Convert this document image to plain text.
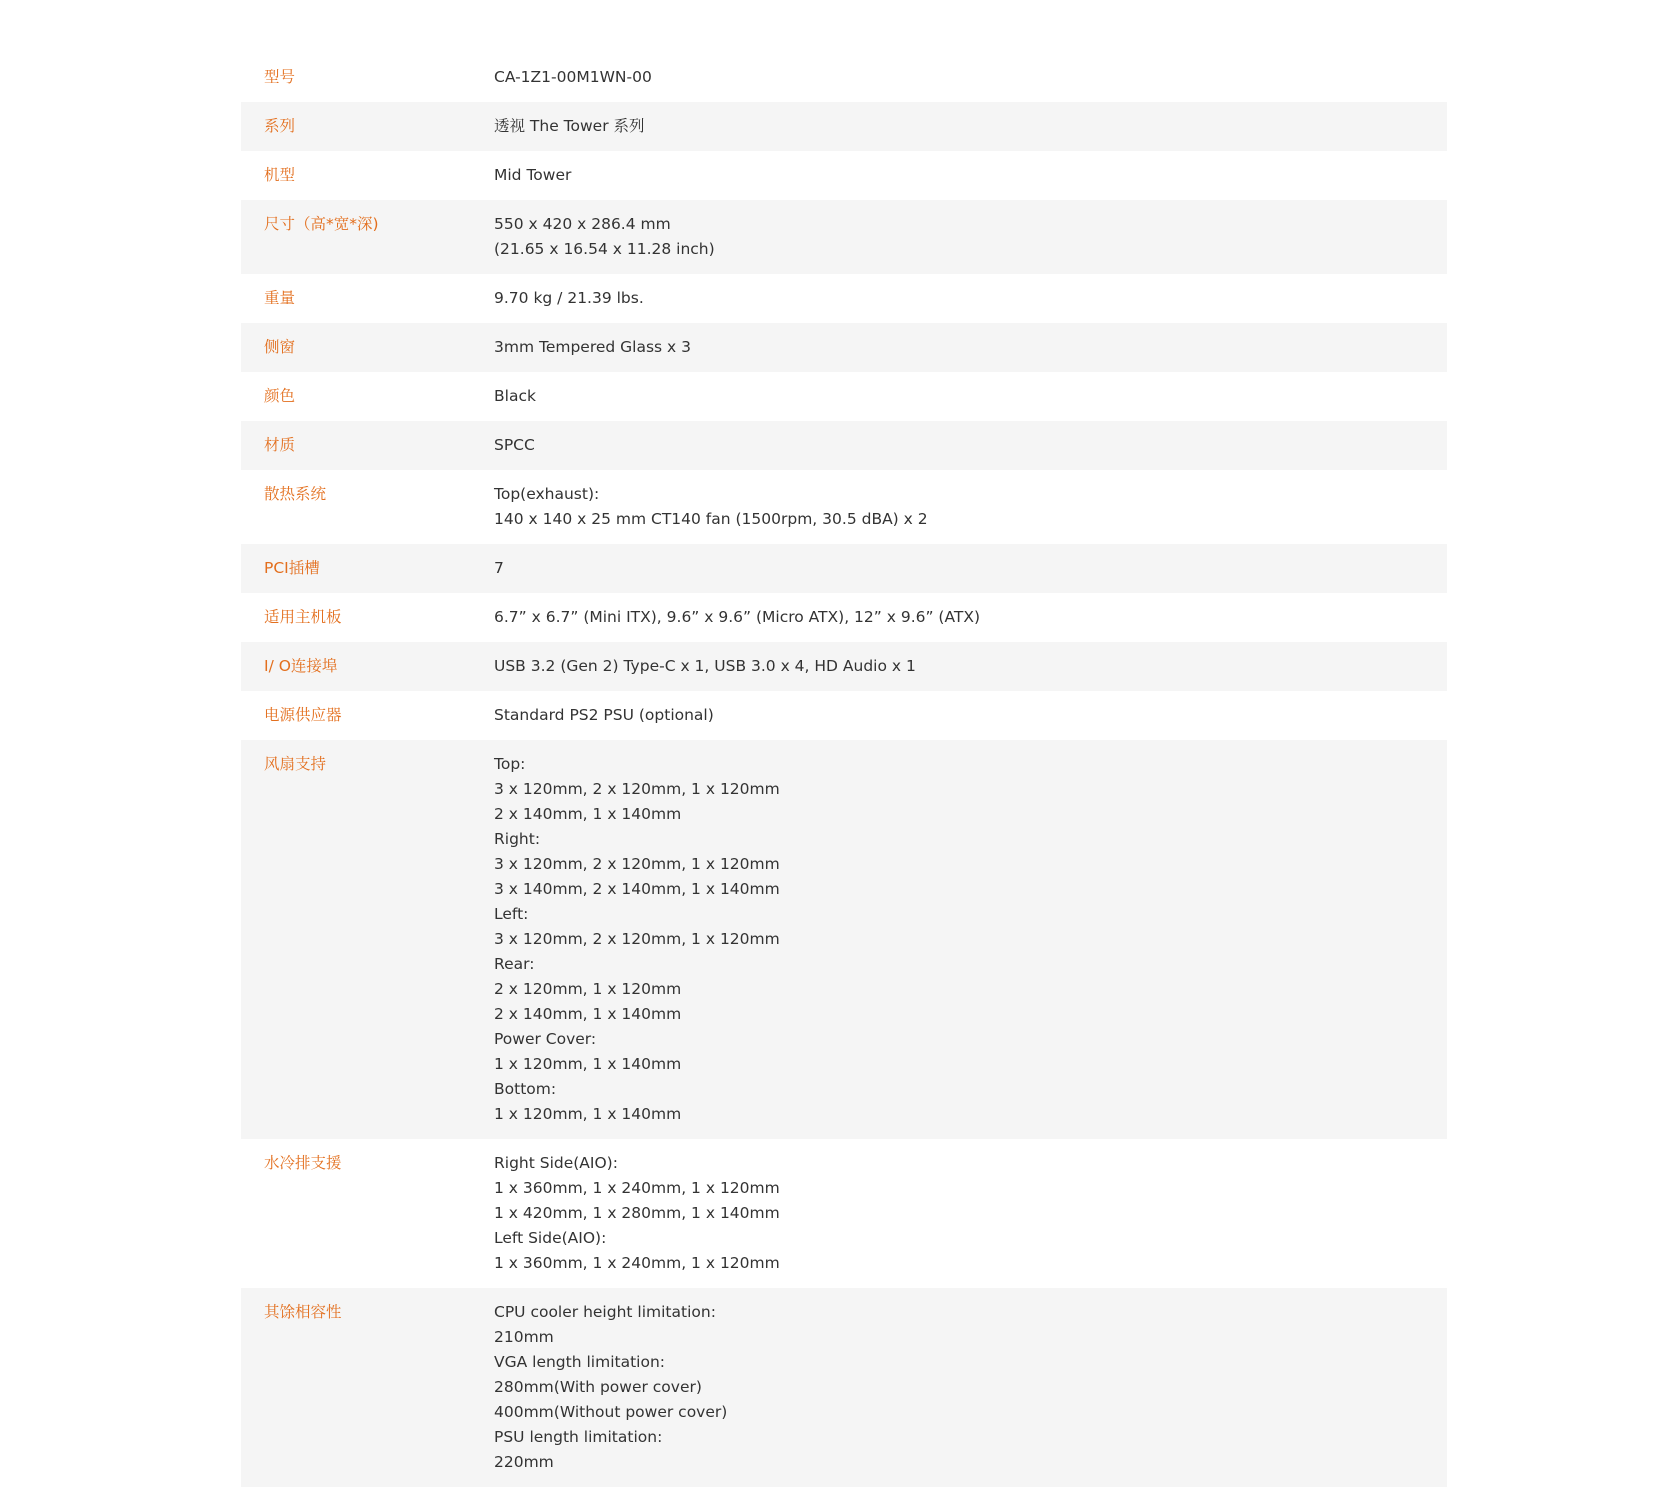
型号	CA-1Z1-00M1WN-00
系列	透视 The Tower 系列
机型	Mid Tower
尺寸（高*宽*深)	550 x 420 x 286.4 mm
(21.65 x 16.54 x 11.28 inch)
重量	9.70 kg / 21.39 lbs.
侧窗	3mm Tempered Glass x 3
颜色	Black
材质	SPCC
散热系统	Top(exhaust):
140 x 140 x 25 mm CT140 fan (1500rpm, 30.5 dBA) x 2
PCI插槽	7
适用主机板	6.7” x 6.7” (Mini ITX), 9.6” x 9.6” (Micro ATX), 12” x 9.6” (ATX)
I/ O连接埠	USB 3.2 (Gen 2) Type-C x 1, USB 3.0 x 4, HD Audio x 1
电源供应器	Standard PS2 PSU (optional)
风扇支持	Top:
3 x 120mm, 2 x 120mm, 1 x 120mm
2 x 140mm, 1 x 140mm
Right:
3 x 120mm, 2 x 120mm, 1 x 120mm
3 x 140mm, 2 x 140mm, 1 x 140mm
Left:
3 x 120mm, 2 x 120mm, 1 x 120mm
Rear:
2 x 120mm, 1 x 120mm
2 x 140mm, 1 x 140mm
Power Cover:
1 x 120mm, 1 x 140mm
Bottom:
1 x 120mm, 1 x 140mm
水冷排支援	Right Side(AIO):
1 x 360mm, 1 x 240mm, 1 x 120mm
1 x 420mm, 1 x 280mm, 1 x 140mm
Left Side(AIO):
1 x 360mm, 1 x 240mm, 1 x 120mm
其馀相容性	CPU cooler height limitation:
210mm
VGA length limitation:
280mm(With power cover)
400mm(Without power cover)
PSU length limitation:
220mm
